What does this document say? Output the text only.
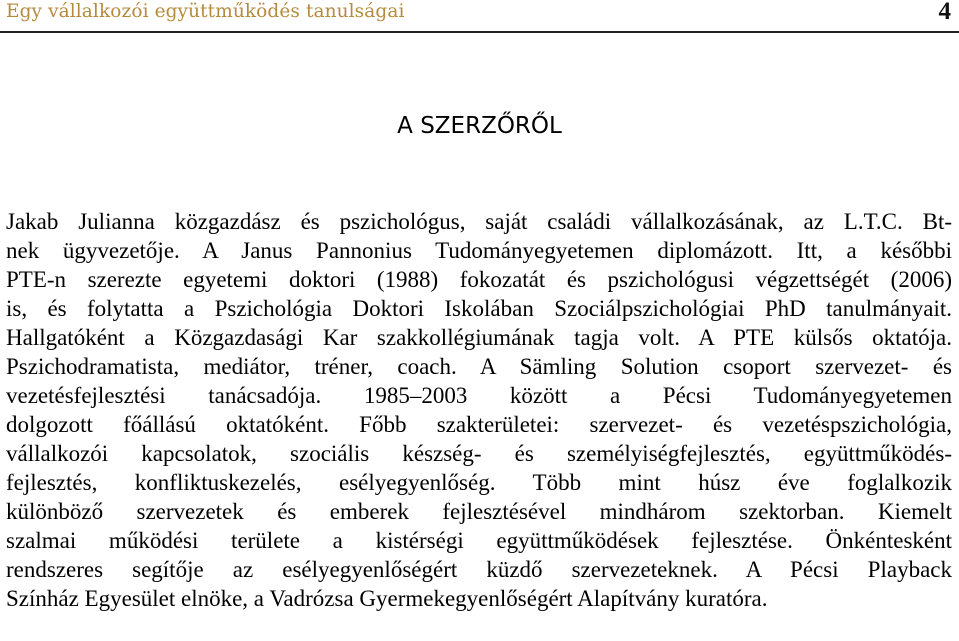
Egy vállalkozói együttműködés tanulságai	4
A SZERZŐRŐL
Jakab Julianna közgazdász és pszichológus, saját családi vállalkozásának, az L.T.C. Bt-
nek ügyvezetője. A Janus Pannonius Tudományegyetemen diplomázott. Itt, a későbbi
PTE-n szerezte egyetemi doktori (1988) fokozatát és pszichológusi végzettségét (2006)
is, és folytatta a Pszichológia Doktori Iskolában Szociálpszichológiai PhD tanulmányait.
Hallgatóként a Közgazdasági Kar szakkollégiumának tagja volt. A PTE külsős oktatója.
Pszichodramatista, mediátor, tréner, coach. A Sämling Solution csoport szervezet- és
vezetésfejlesztési tanácsadója. 1985–2003 között a Pécsi Tudományegyetemen
dolgozott főállású oktatóként. Főbb szakterületei: szervezet- és vezetéspszichológia,
vállalkozói kapcsolatok, szociális készség- és személyiségfejlesztés, együttműködés-
fejlesztés, konfliktuskezelés, esélyegyenlőség. Több mint húsz éve foglalkozik
különböző szervezetek és emberek fejlesztésével mindhárom szektorban. Kiemelt
szalmai működési területe a kistérségi együttműködések fejlesztése. Önkéntesként
rendszeres segítője az esélyegyenlőségért küzdő szervezeteknek. A Pécsi Playback
Színház Egyesület elnöke, a Vadrózsa Gyermekegyenlőségért Alapítvány kuratóra.
